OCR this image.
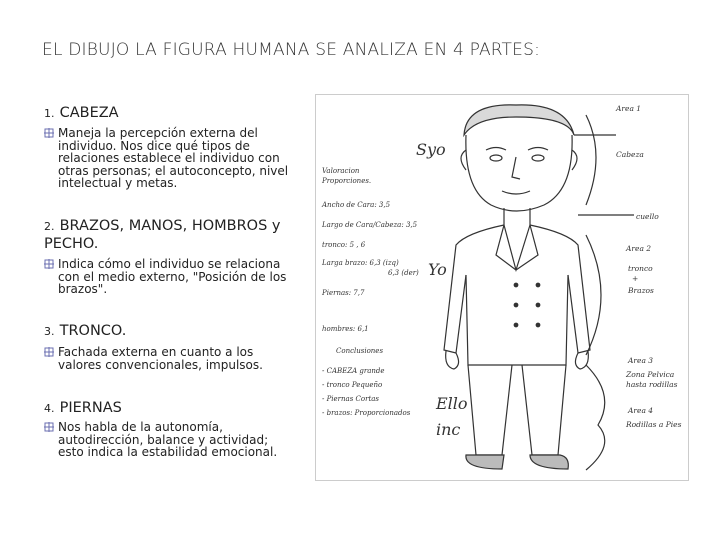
EL DIBUJO LA FIGURA HUMANA SE ANALIZA EN 4 PARTES:
1. CABEZA
Maneja la percepción externa del
individuo. Nos dice qué tipos de
relaciones establece el individuo con
otras personas; el autoconcepto, nivel
intelectual y metas.
2. BRAZOS, MANOS, HOMBROS y
PECHO.
Indica cómo el individuo se relaciona
con el medio externo, "Posición de los
brazos".
3. TRONCO.
Fachada externa en cuanto a los
valores convencionales, impulsos.
4. PIERNAS
Nos habla de la autonomía,
autodirección, balance y actividad;
esto indica la estabilidad emocional.
Valoracion
Proporciones.
Ancho de Cara: 3,5
Largo de Cara/Cabeza: 3,5
tronco: 5 , 6
Larga brazo: 6,3 (izq)
6,3 (der)
Piernas: 7,7
hombres: 6,1
Conclusiones
- CABEZA grande
- tronco Pequeño
- Piernas Cortas
- brazos: Proporcionados
Area 1
Cabeza
cuello
Area 2
tronco
+
Brazos
Area 3
Zona Pelvica
hasta rodillas
Area 4
Rodillas a Pies
Syo
Yo
Ello
inc
